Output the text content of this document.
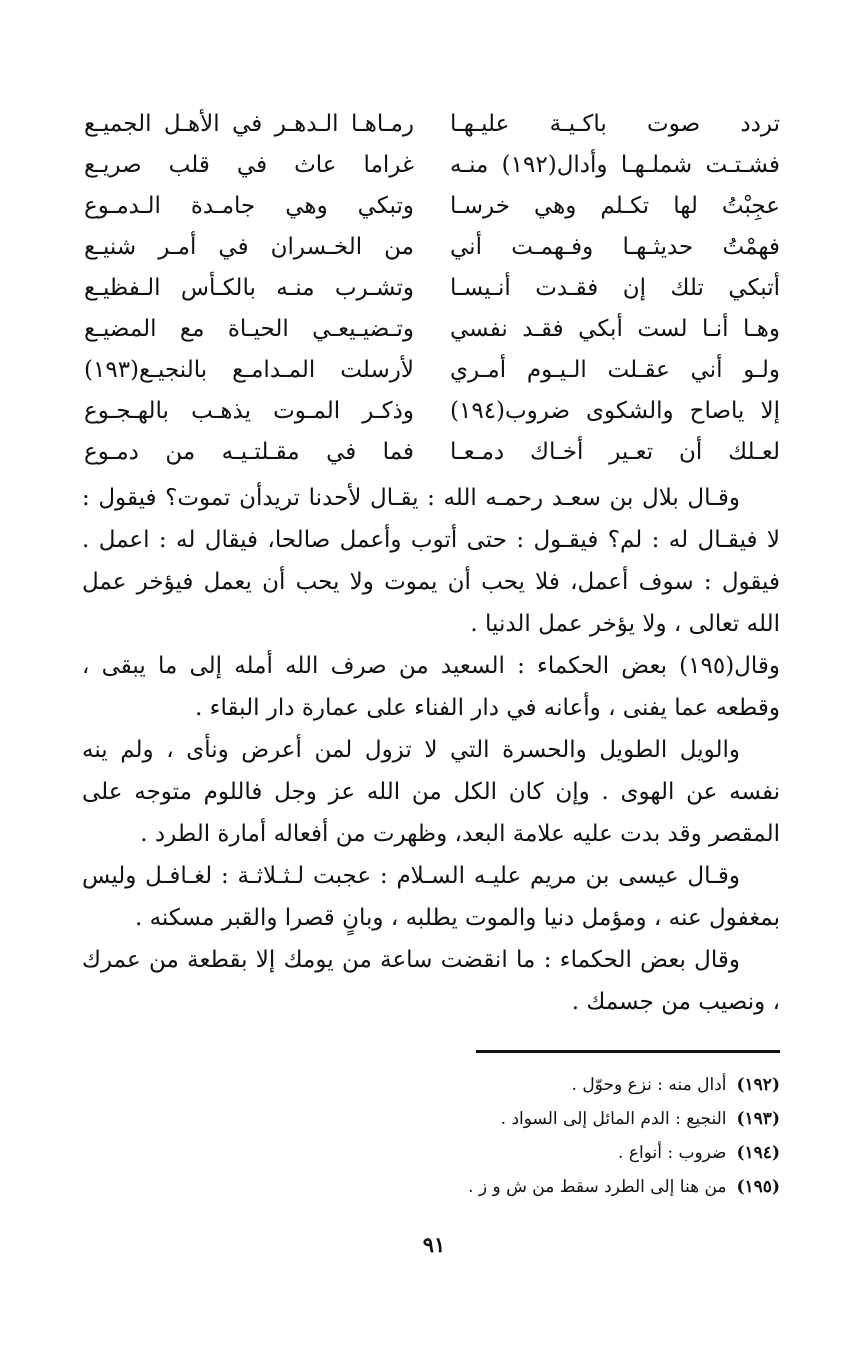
تردد صوت باكـيـة عليـهـا
رمـاهـا الـدهـر في الأهـل الجميـع
فشـتـت شملـهـا وأدال(١٩٢) منـه
غراما عاث في قلب صريـع
عجِبْتُ لها تكـلم وهي خرسـا
وتبكي وهي جامـدة الـدمـوع
فهمْتُ حديثـهـا وفـهمـت أني
من الخـسران في أمـر شنيـع
أتبكي تلك إن فقـدت أنـيسـا
وتشـرب منـه بالكـأس الـفظيـع
وهـا أنـا لست أبكي فقـد نفسي
وتـضيـيعـي الحيـاة مع المضيـع
ولـو أني عقـلت الـيـوم أمـري
لأرسلت المـدامـع بالنجيـع(١٩٣)
إلا ياصاح والشكوى ضروب(١٩٤)
وذكـر المـوت يذهـب بالهـجـوع
لعـلك أن تعـير أخـاك دمـعـا
فما في مقـلتـيـه من دمـوع

وقـال بلال بن سعـد رحمـه الله : يقـال لأحدنا تريدأن تموت؟ فيقول : لا فيقـال له : لم؟ فيقـول : حتى أتوب وأعمل صالحا، فيقال له : اعمل . فيقول : سوف أعمل، فلا يحب أن يموت ولا يحب أن يعمل فيؤخر عمل الله تعالى ، ولا يؤخر عمل الدنيا .

وقال(١٩٥) بعض الحكماء : السعيد من صرف الله أمله إلى ما يبقى ، وقطعه عما يفنى ، وأعانه في دار الفناء على عمارة دار البقاء .

والويل الطويل والحسرة التي لا تزول لمن أعرض ونأى ، ولم ينه نفسه عن الهوى . وإن كان الكل من الله عز وجل فاللوم متوجه على المقصر وقد بدت عليه علامة البعد، وظهرت من أفعاله أمارة الطرد .

وقـال عيسى بن مريم عليـه السـلام : عجبت لـثـلاثـة : لغـافـل وليس بمغفول عنه ، ومؤمل دنيا والموت يطلبه ، وبانٍ قصرا والقبر مسكنه .

وقال بعض الحكماء : ما انقضت ساعة من يومك إلا بقطعة من عمرك ، ونصيب من جسمك .

(١٩٢)
أدال منه : نزع وحوّل .
(١٩٣)
النجيع : الدم المائل إلى السواد .
(١٩٤)
ضروب : أنواع .
(١٩٥)
من هنا إلى الطرد سقط من ش و ز .
٩١
